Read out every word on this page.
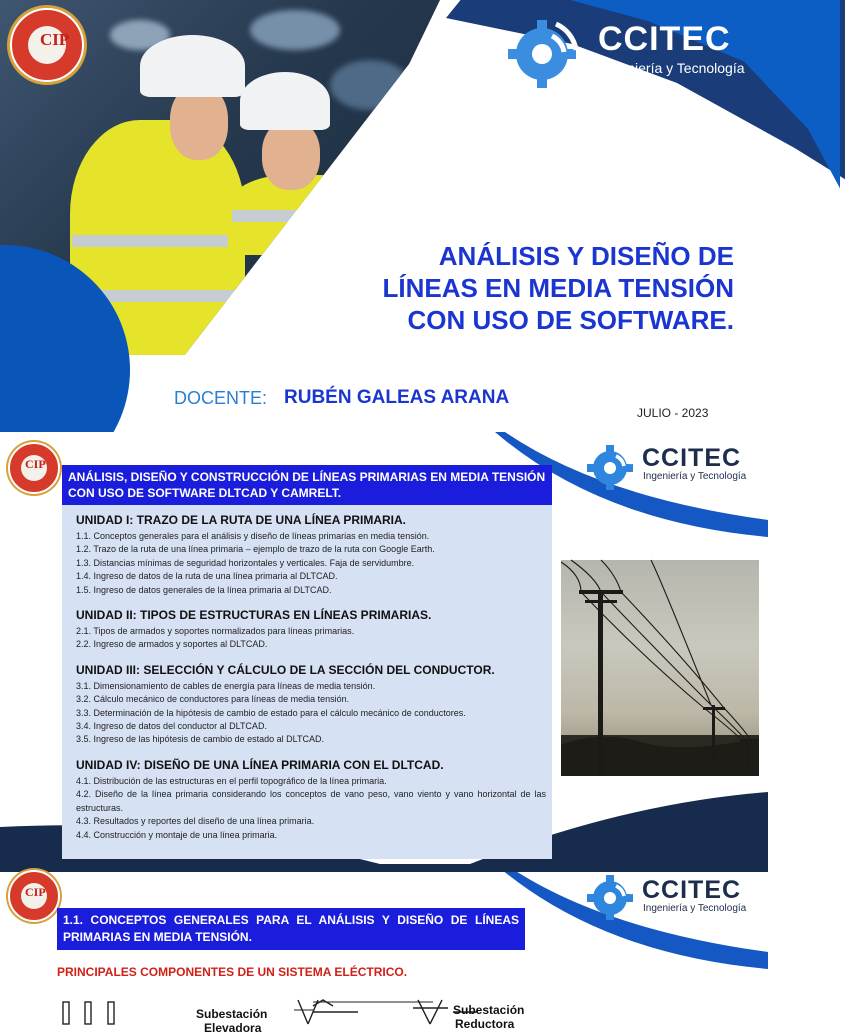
CIP	CCITEC
Ingeniería y Tecnología
ANÁLISIS Y DISEÑO DE
LÍNEAS EN MEDIA TENSIÓN
CON USO DE SOFTWARE.
DOCENTE: RUBÉN GALEAS ARANA
JULIO - 2023
CIP	CCITEC
Ingeniería y Tecnología
ANÁLISIS, DISEÑO Y CONSTRUCCIÓN DE LÍNEAS PRIMARIAS EN MEDIA TENSIÓN CON USO DE SOFTWARE DLTCAD Y CAMRELT.
UNIDAD I: TRAZO DE LA RUTA DE UNA LÍNEA PRIMARIA.
1.1. Conceptos generales para el análisis y diseño de líneas primarias en media tensión.
1.2. Trazo de la ruta de una línea primaria – ejemplo de trazo de la ruta con Google Earth.
1.3. Distancias mínimas de seguridad horizontales y verticales. Faja de servidumbre.
1.4. Ingreso de datos de la ruta de una línea primaria al DLTCAD.
1.5. Ingreso de datos generales de la línea primaria al DLTCAD.
UNIDAD II: TIPOS DE ESTRUCTURAS EN LÍNEAS PRIMARIAS.
2.1. Tipos de armados y soportes normalizados para líneas primarias.
2.2. Ingreso de armados y soportes al DLTCAD.
UNIDAD III: SELECCIÓN Y CÁLCULO DE LA SECCIÓN DEL CONDUCTOR.
3.1. Dimensionamiento de cables de energía para líneas de media tensión.
3.2. Cálculo mecánico de conductores para líneas de media tensión.
3.3. Determinación de la hipótesis de cambio de estado para el cálculo mecánico de conductores.
3.4. Ingreso de datos del conductor al DLTCAD.
3.5. Ingreso de las hipótesis de cambio de estado al DLTCAD.
UNIDAD IV: DISEÑO DE UNA LÍNEA PRIMARIA CON EL DLTCAD.
4.1. Distribución de las estructuras en el perfil topográfico de la línea primaria.
4.2. Diseño de la línea primaria considerando los conceptos de vano peso, vano viento y vano horizontal de las estructuras.
4.3. Resultados y reportes del diseño de una línea primaria.
4.4. Construcción y montaje de una línea primaria.
CIP	CCITEC
Ingeniería y Tecnología
1.1. CONCEPTOS GENERALES PARA EL ANÁLISIS Y DISEÑO DE LÍNEAS PRIMARIAS EN MEDIA TENSIÓN.
PRINCIPALES COMPONENTES DE UN SISTEMA ELÉCTRICO.
Subestación
Elevadora
Subestación
Reductora
